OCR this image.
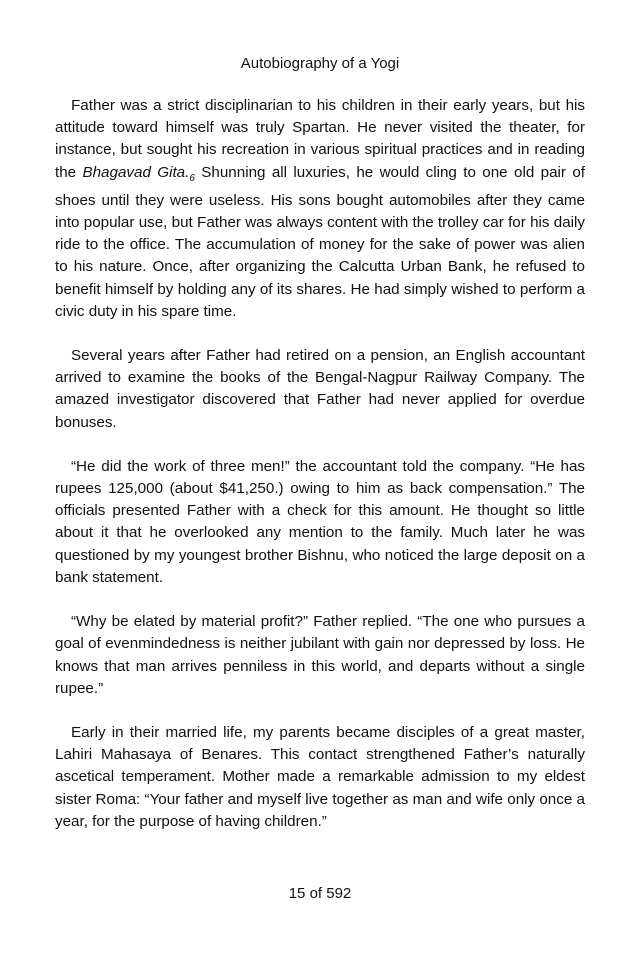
Autobiography of a Yogi

Father was a strict disciplinarian to his children in their early years, but his attitude toward himself was truly Spartan. He never visited the theater, for instance, but sought his recreation in various spiritual practices and in reading the Bhagavad $Gita._6$ Shunning all luxuries, he would cling to one old pair of shoes until they were useless. His sons bought automobiles after they came into popular use, but Father was always content with the trolley car for his daily ride to the office. The accumulation of money for the sake of power was alien to his nature. Once, after organizing the Calcutta Urban Bank, he refused to benefit himself by holding any of its shares. He had simply wished to perform a civic duty in his spare time.

Several years after Father had retired on a pension, an English accountant arrived to examine the books of the Bengal-Nagpur Railway Company. The amazed investigator discovered that Father had never applied for overdue bonuses.

“He did the work of three men!” the accountant told the company. “He has rupees 125,000 (about $41,250.) owing to him as back compensation.” The officials presented Father with a check for this amount. He thought so little about it that he overlooked any mention to the family. Much later he was questioned by my youngest brother Bishnu, who noticed the large deposit on a bank statement.

“Why be elated by material profit?” Father replied. “The one who pursues a goal of evenmindedness is neither jubilant with gain nor depressed by loss. He knows that man arrives penniless in this world, and departs without a single rupee.”

Early in their married life, my parents became disciples of a great master, Lahiri Mahasaya of Benares. This contact strengthened Father’s naturally ascetical temperament. Mother made a remarkable admission to my eldest sister Roma: “Your father and myself live together as man and wife only once a year, for the purpose of having children.”

15 of 592
